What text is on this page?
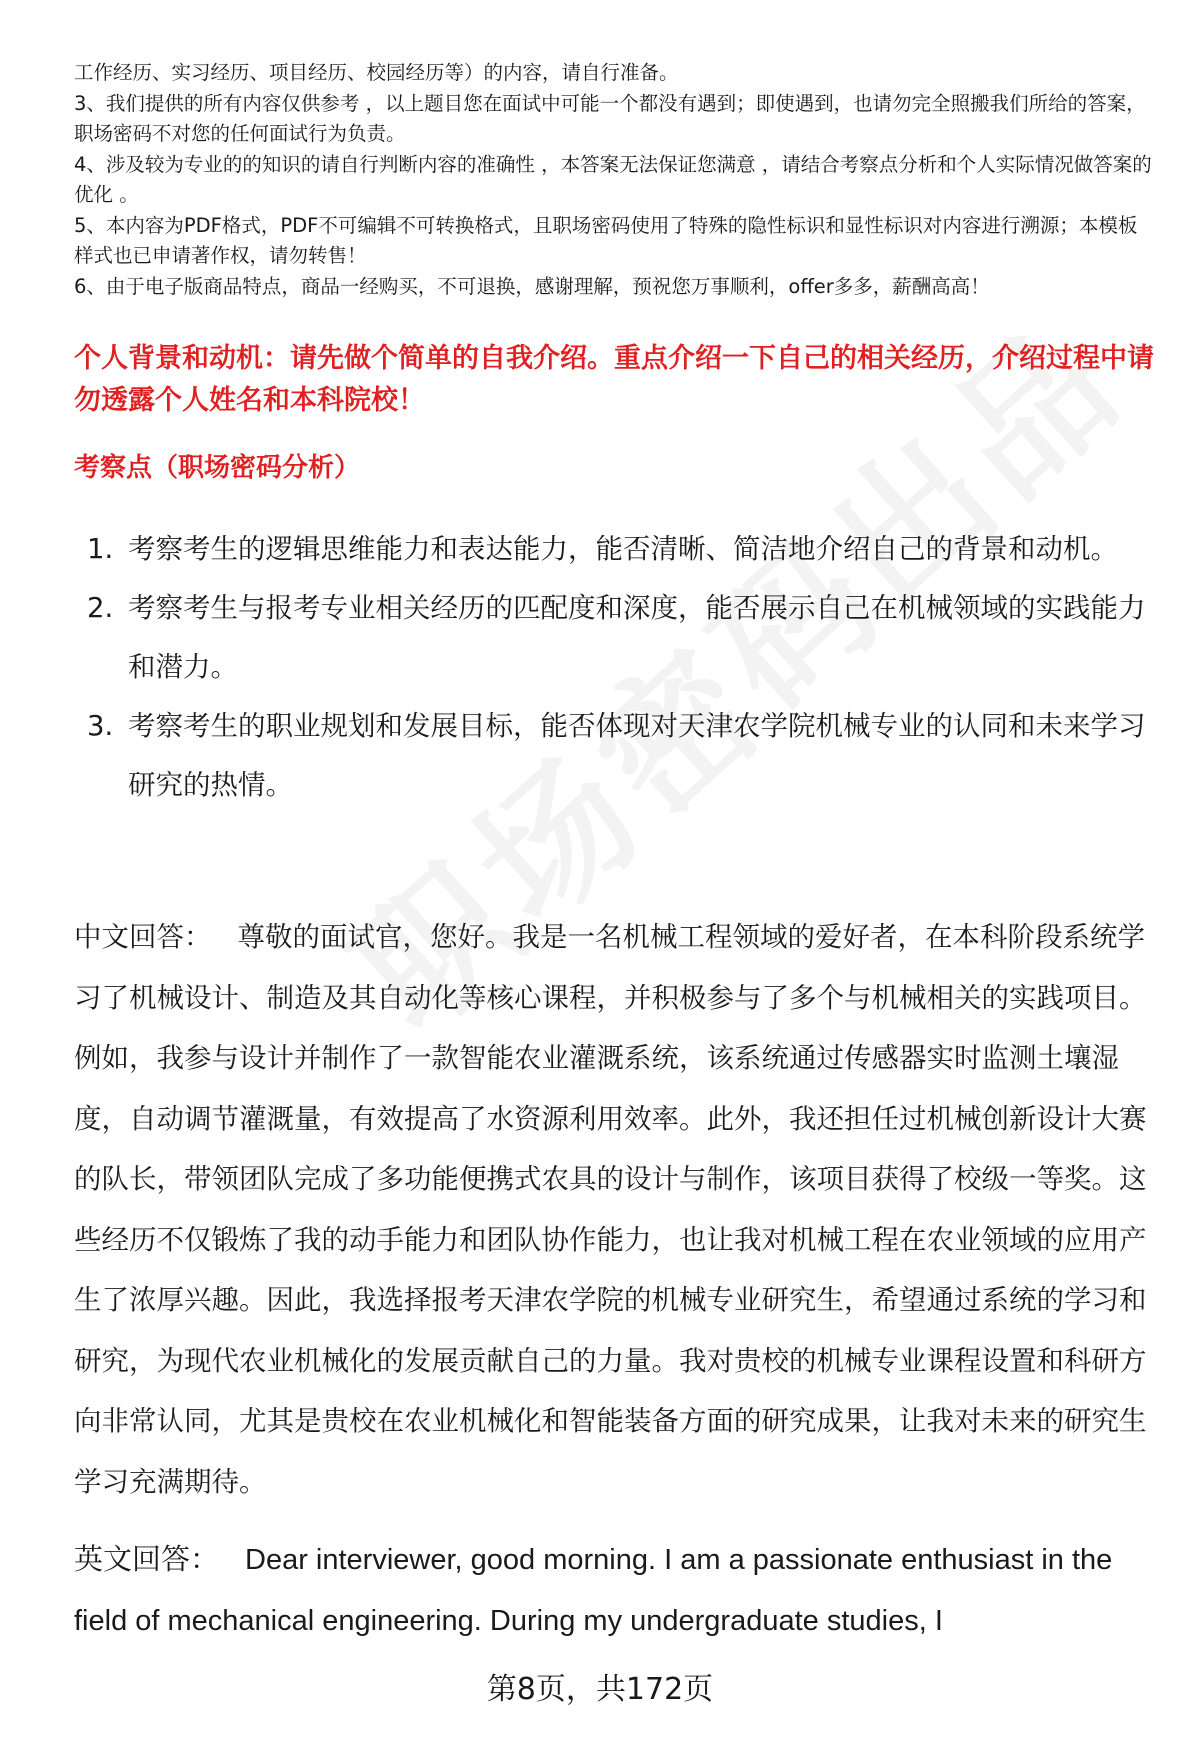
工作经历、实习经历、项目经历、校园经历等）的内容，请自行准备。

3、我们提供的所有内容仅供参考 ，以上题目您在面试中可能一个都没有遇到；即使遇到，也请勿完全照搬我们所给的答案，职场密码不对您的任何面试行为负责。

4、涉及较为专业的的知识的请自行判断内容的准确性 ，本答案无法保证您满意 ，请结合考察点分析和个人实际情况做答案的优化 。

5、本内容为PDF格式，PDF不可编辑不可转换格式，且职场密码使用了特殊的隐性标识和显性标识对内容进行溯源；本模板样式也已申请著作权，请勿转售！

6、由于电子版商品特点，商品一经购买，不可退换，感谢理解，预祝您万事顺利，offer多多，薪酬高高！

个人背景和动机：请先做个简单的自我介绍。重点介绍一下自己的相关经历，介绍过程中请勿透露个人姓名和本科院校！
考察点（职场密码分析）
1. 考察考生的逻辑思维能力和表达能力，能否清晰、简洁地介绍自己的背景和动机。
2. 考察考生与报考专业相关经历的匹配度和深度，能否展示自己在机械领域的实践能力和潜力。
3. 考察考生的职业规划和发展目标，能否体现对天津农学院机械专业的认同和未来学习研究的热情。

中文回答： 尊敬的面试官，您好。我是一名机械工程领域的爱好者，在本科阶段系统学习了机械设计、制造及其自动化等核心课程，并积极参与了多个与机械相关的实践项目。例如，我参与设计并制作了一款智能农业灌溉系统，该系统通过传感器实时监测土壤湿度，自动调节灌溉量，有效提高了水资源利用效率。此外，我还担任过机械创新设计大赛的队长，带领团队完成了多功能便携式农具的设计与制作，该项目获得了校级一等奖。这些经历不仅锻炼了我的动手能力和团队协作能力，也让我对机械工程在农业领域的应用产生了浓厚兴趣。因此，我选择报考天津农学院的机械专业研究生，希望通过系统的学习和研究，为现代农业机械化的发展贡献自己的力量。我对贵校的机械专业课程设置和科研方向非常认同，尤其是贵校在农业机械化和智能装备方面的研究成果，让我对未来的研究生学习充满期待。

英文回答： Dear interviewer, good morning. I am a passionate enthusiast in the field of mechanical engineering. During my undergraduate studies, I

第8页，共172页
